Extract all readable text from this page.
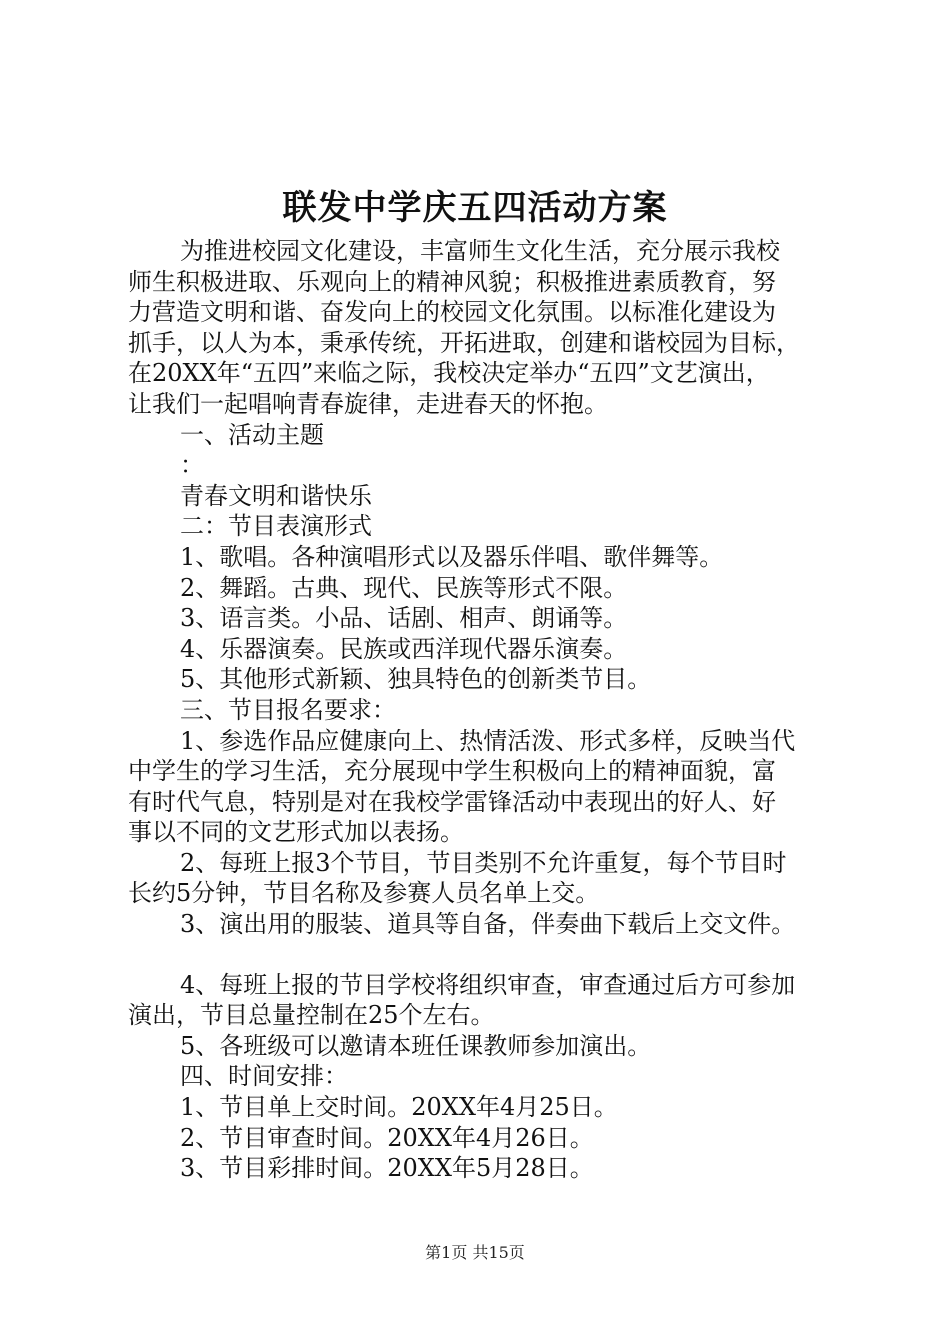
联发中学庆五四活动方案

为推进校园文化建设，丰富师生文化生活，充分展示我校

师生积极进取、乐观向上的精神风貌；积极推进素质教育，努

力营造文明和谐、奋发向上的校园文化氛围。以标准化建设为

抓手，以人为本，秉承传统，开拓进取，创建和谐校园为目标，

在20XX年“五四”来临之际，我校决定举办“五四”文艺演出，

让我们一起唱响青春旋律，走进春天的怀抱。

一、活动主题

：

青春文明和谐快乐

二：节目表演形式

1、歌唱。各种演唱形式以及器乐伴唱、歌伴舞等。

2、舞蹈。古典、现代、民族等形式不限。

3、语言类。小品、话剧、相声、朗诵等。

4、乐器演奏。民族或西洋现代器乐演奏。

5、其他形式新颖、独具特色的创新类节目。

三、节目报名要求：

1、参选作品应健康向上、热情活泼、形式多样，反映当代

中学生的学习生活，充分展现中学生积极向上的精神面貌，富

有时代气息，特别是对在我校学雷锋活动中表现出的好人、好

事以不同的文艺形式加以表扬。

2、每班上报3个节目，节目类别不允许重复，每个节目时

长约5分钟，节目名称及参赛人员名单上交。

3、演出用的服装、道具等自备，伴奏曲下载后上交文件。

4、每班上报的节目学校将组织审查，审查通过后方可参加

演出，节目总量控制在25个左右。

5、各班级可以邀请本班任课教师参加演出。

四、时间安排：

1、节目单上交时间。20XX年4月25日。

2、节目审查时间。20XX年4月26日。

3、节目彩排时间。20XX年5月28日。

第1页 共15页
